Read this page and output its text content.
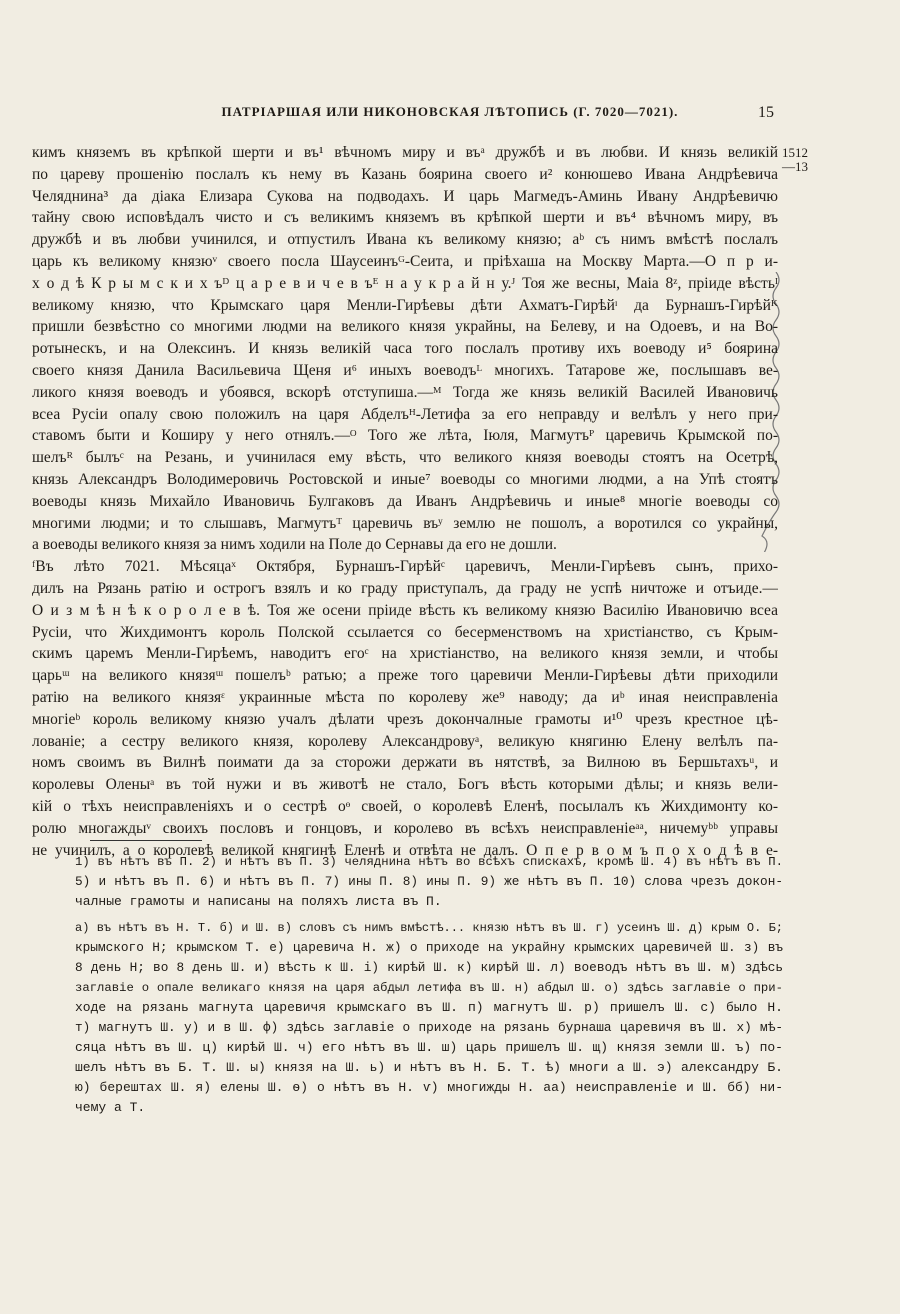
ПАТРІАРШАЯ ИЛИ НИКОНОВСКАЯ ЛѢТОПИСЬ (Г. 7020—7021).	15
1512
—13
кимъ княземъ въ крѣпкой шерти и въ¹ вѣчномъ миру и въᵃ дружбѣ и въ любви. И князь великій
по цареву прошенію послалъ къ нему въ Казань боярина своего и² конюшево Ивана Андрѣевича
Челяднина³ да діака Елизара Сукова на подводахъ. И царь Магмедъ-Аминь Ивану Андрѣевичю
тайну свою исповѣдалъ чисто и съ великимъ княземъ въ крѣпкой шерти и въ⁴ вѣчномъ миру, въ
дружбѣ и въ любви учинился, и отпустилъ Ивана къ великому князю; аᵇ съ нимъ вмѣстѣ послалъ
царь къ великому князюᵛ своего посла Шаусеинъᴳ-Сеита, и пріѣхаша на Москву Марта.—О п р и-
х о д ѣ К р ы м с к и х ъᴰ ц а р е в и ч е в ъᴱ н а у к р а й н у.ᴶ Тоя же весны, Маіа 8ᶻ, пріиде вѣстьᴵ
великому князю, что Крымскаго царя Менли-Гирѣевы дѣти Ахматъ-Гирѣйᶦ да Бурнашъ-Гирѣйᴷ
пришли безвѣстно со многими людми на великого князя украйны, на Белеву, и на Одоевъ, и на Во-
ротынескъ, и на Олексинъ. И князь великій часа того послалъ противу ихъ воеводу и⁵ боярина
своего князя Данила Васильевича Щеня и⁶ иныхъ воеводъᴸ многихъ. Татарове же, послышавъ ве-
ликого князя воеводъ и убоявся, вскорѣ отступиша.—ᴹ Тогда же князь великій Василей Ивановичь
всеа Русіи опалу свою положилъ на царя Абделъᴴ-Летифа за его неправду и велѣлъ у него при-
ставомъ быти и Коширу у него отнялъ.—ᴼ Того же лѣта, Іюля, Магмутъᴾ царевичь Крымской по-
шелъᴿ былъᶜ на Резань, и учинилася ему вѣсть, что великого князя воеводы стоятъ на Осетрѣ,
князь Александръ Володимеровичь Ростовской и иные⁷ воеводы со многими людми, а на Упѣ стоятъ
воеводы князь Михайло Ивановичь Булгаковъ да Иванъ Андрѣевичь и иные⁸ многіе воеводы со
многими людми; и то слышавъ, Магмутъᵀ царевичь въʸ землю не пошолъ, а воротился со украйны,
а воеводы великого князя за нимъ ходили на Поле до Сернавы да его не дошли.
ᶠВъ лѣто 7021. Мѣсяцаˣ Октября, Бурнашъ-Гирѣйᶜ царевичъ, Менли-Гирѣевъ сынъ, прихо-
дилъ на Рязань ратію и острогъ взялъ и ко граду приступалъ, да граду не успѣ ничтоже и отъиде.—
О и з м ѣ н ѣ к о р о л е в ѣ. Тоя же осени пріиде вѣсть къ великому князю Василію Ивановичю всеа
Русіи, что Жихдимонтъ король Полской ссылается со бесерменствомъ на христіанство, съ Крым-
скимъ царемъ Менли-Гирѣемъ, наводитъ егоᶜ на христіанство, на великого князя земли, и чтобы
царьᵚ на великого князяᵚ пошелъᵇ ратью; а преже того царевичи Менли-Гирѣевы дѣти приходили
ратію на великого князяᵋ украинные мѣста по королеву же⁹ наводу; да иᵇ иная неисправленіа
многіеᵇ король великому князю учалъ дѣлати чрезъ докончалные грамоты и¹⁰ чрезъ крестное цѣ-
лованіе; а сестру великого князя, королеву Александровуᵃ, великую княгиню Елену велѣлъ па-
номъ своимъ въ Вилнѣ поимати да за сторожи держати въ нятствѣ, за Вилною въ Бершьтахъᵘ, и
королевы Оленыᵃ въ той нужи и въ животѣ не стало, Богъ вѣсть которыми дѣлы; и князь вели-
кій о тѣхъ неисправленіяхъ и о сестрѣ оᶱ своей, о королевѣ Еленѣ, посылалъ къ Жихдимонту ко-
ролю многаждыᵛ своихъ пословъ и гонцовъ, и королево въ всѣхъ неисправленіеᵃᵃ, ничемуᵇᵇ управы
не учинилъ, а о королевѣ великой княгинѣ Еленѣ и отвѣта не далъ. О п е р в о м ъ п о х о д ѣ в е-
1) въ нѣтъ въ П. 2) и нѣтъ въ П. 3) челяднина нѣтъ во всѣхъ спискахъ, кромѣ Ш. 4) въ нѣтъ въ П.
5) и нѣтъ въ П. 6) и нѣтъ въ П. 7) ины П. 8) ины П. 9) же нѣтъ въ П. 10) слова чрезъ докон-
чалные грамоты и написаны на поляхъ листа въ П.
а) въ нѣтъ въ Н. Т. б) и Ш. в) словъ съ нимъ вмѣстѣ... князю нѣтъ въ Ш. г) усеинъ Ш. д) крым О. Б;
крымского Н; крымском Т. е) царевича Н. ж) о приходе на украйну крымских царевичей Ш. з) въ
8 день Н; во 8 день Ш. и) вѣсть к Ш. і) кирѣй Ш. к) кирѣй Ш. л) воеводъ нѣтъ въ Ш. м) здѣсь
заглавіе о опале великаго князя на царя абдыл летифа въ Ш. н) абдыл Ш. о) здѣсь заглавіе о при-
ходе на рязань магнута царевичя крымскаго въ Ш. п) магнутъ Ш. р) пришелъ Ш. с) было Н.
т) магнутъ Ш. у) и в Ш. ф) здѣсь заглавіе о приходе на рязань бурнаша царевичя въ Ш. х) мѣ-
сяца нѣтъ въ Ш. ц) кирѣй Ш. ч) его нѣтъ въ Ш. ш) царь пришелъ Ш. щ) князя земли Ш. ъ) по-
шелъ нѣтъ въ Б. Т. Ш. ы) князя на Ш. ь) и нѣтъ въ Н. Б. Т. ѣ) многи а Ш. э) александру Б.
ю) берештах Ш. я) елены Ш. ѳ) о нѣтъ въ Н. ѵ) многижды Н. аа) неисправленіе и Ш. бб) ни-
чему а Т.
